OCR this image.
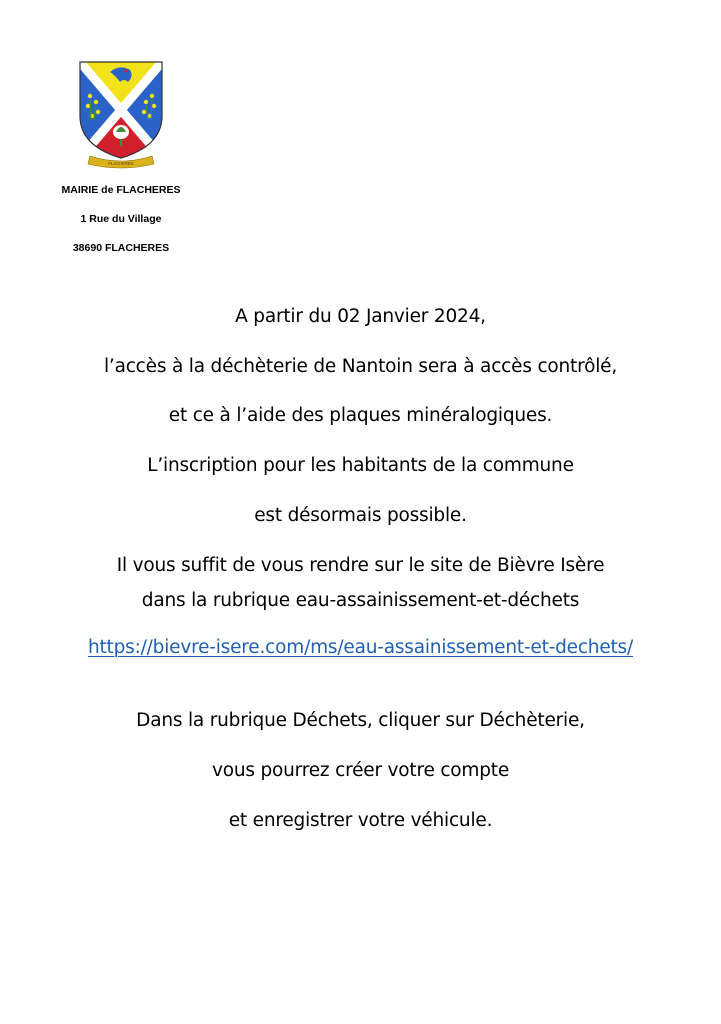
FLACHERES
MAIRIE de FLACHERES
1 Rue du Village
38690 FLACHERES
A partir du 02 Janvier 2024,
l’accès à la déchèterie de Nantoin sera à accès contrôlé,
et ce à l’aide des plaques minéralogiques.
L’inscription pour les habitants de la commune
est désormais possible.
Il vous suffit de vous rendre sur le site de Bièvre Isère
dans la rubrique eau-assainissement-et-déchets
https://bievre-isere.com/ms/eau-assainissement-et-dechets/
Dans la rubrique Déchets, cliquer sur Déchèterie,
vous pourrez créer votre compte
et enregistrer votre véhicule.
